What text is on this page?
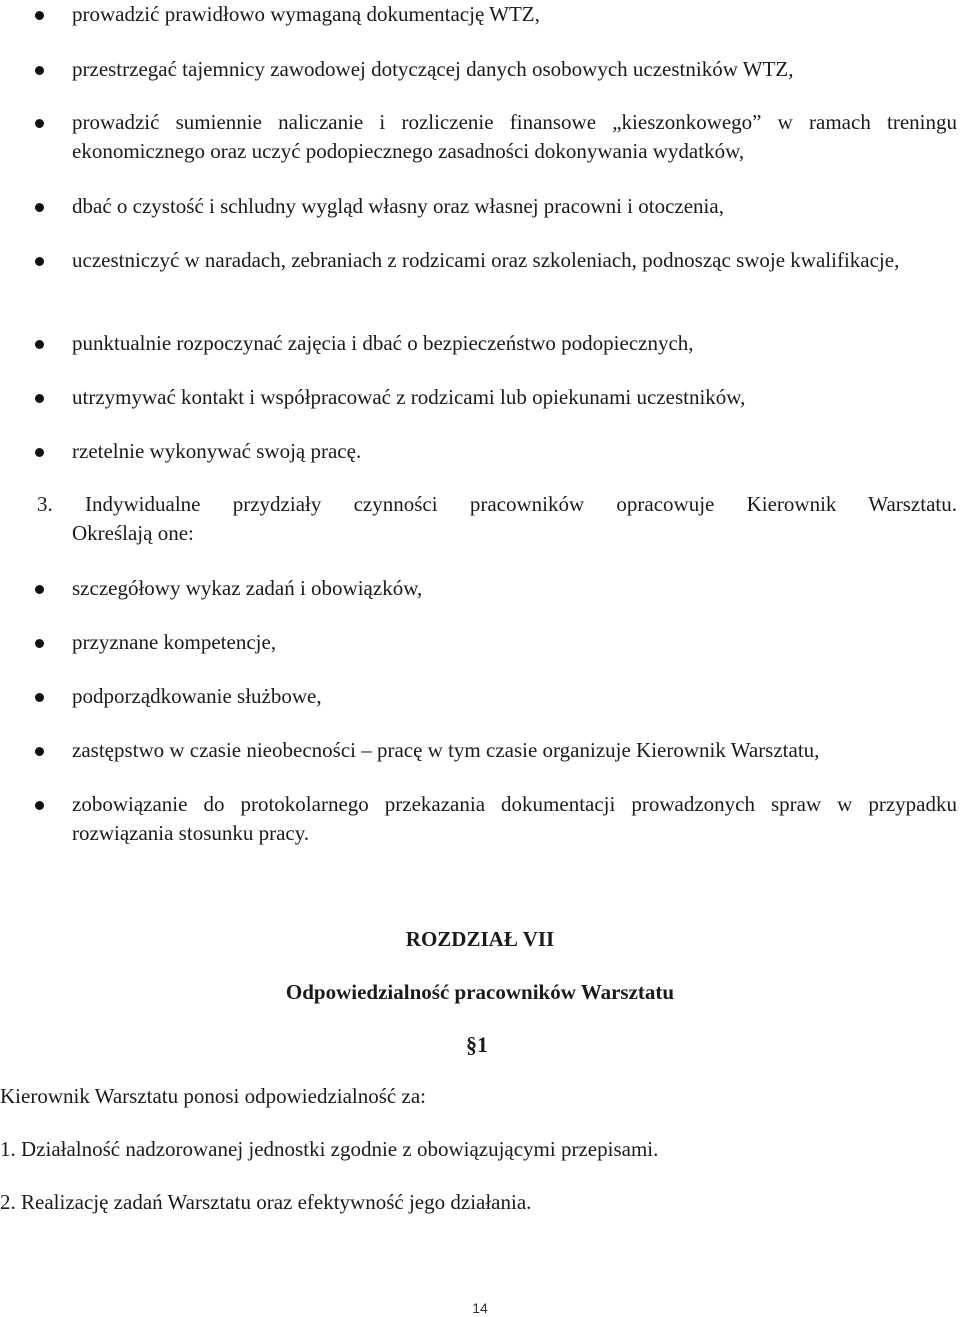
prowadzić prawidłowo wymaganą dokumentację WTZ,
przestrzegać tajemnicy zawodowej dotyczącej danych osobowych uczestników WTZ,
prowadzić sumiennie naliczanie i rozliczenie finansowe „kieszonkowego” w ramach treningu ekonomicznego oraz uczyć podopiecznego zasadności dokonywania wydatków,
dbać o czystość i schludny wygląd własny oraz własnej pracowni i otoczenia,
uczestniczyć w naradach, zebraniach z rodzicami oraz szkoleniach, podnosząc swoje kwalifikacje,
punktualnie rozpoczynać zajęcia i dbać o bezpieczeństwo podopiecznych,
utrzymywać kontakt i współpracować z rodzicami lub opiekunami uczestników,
rzetelnie wykonywać swoją pracę.
3. Indywidualne przydziały czynności pracowników opracowuje Kierownik Warsztatu.
Określają one:
szczegółowy wykaz zadań i obowiązków,
przyznane kompetencje,
podporządkowanie służbowe,
zastępstwo w czasie nieobecności – pracę w tym czasie organizuje Kierownik Warsztatu,
zobowiązanie do protokolarnego przekazania dokumentacji prowadzonych spraw w przypadku rozwiązania stosunku pracy.
ROZDZIAŁ VII
Odpowiedzialność pracowników Warsztatu
§1
Kierownik Warsztatu ponosi odpowiedzialność za:
1. Działalność nadzorowanej jednostki zgodnie z obowiązującymi przepisami.
2. Realizację zadań Warsztatu oraz efektywność jego działania.
14
